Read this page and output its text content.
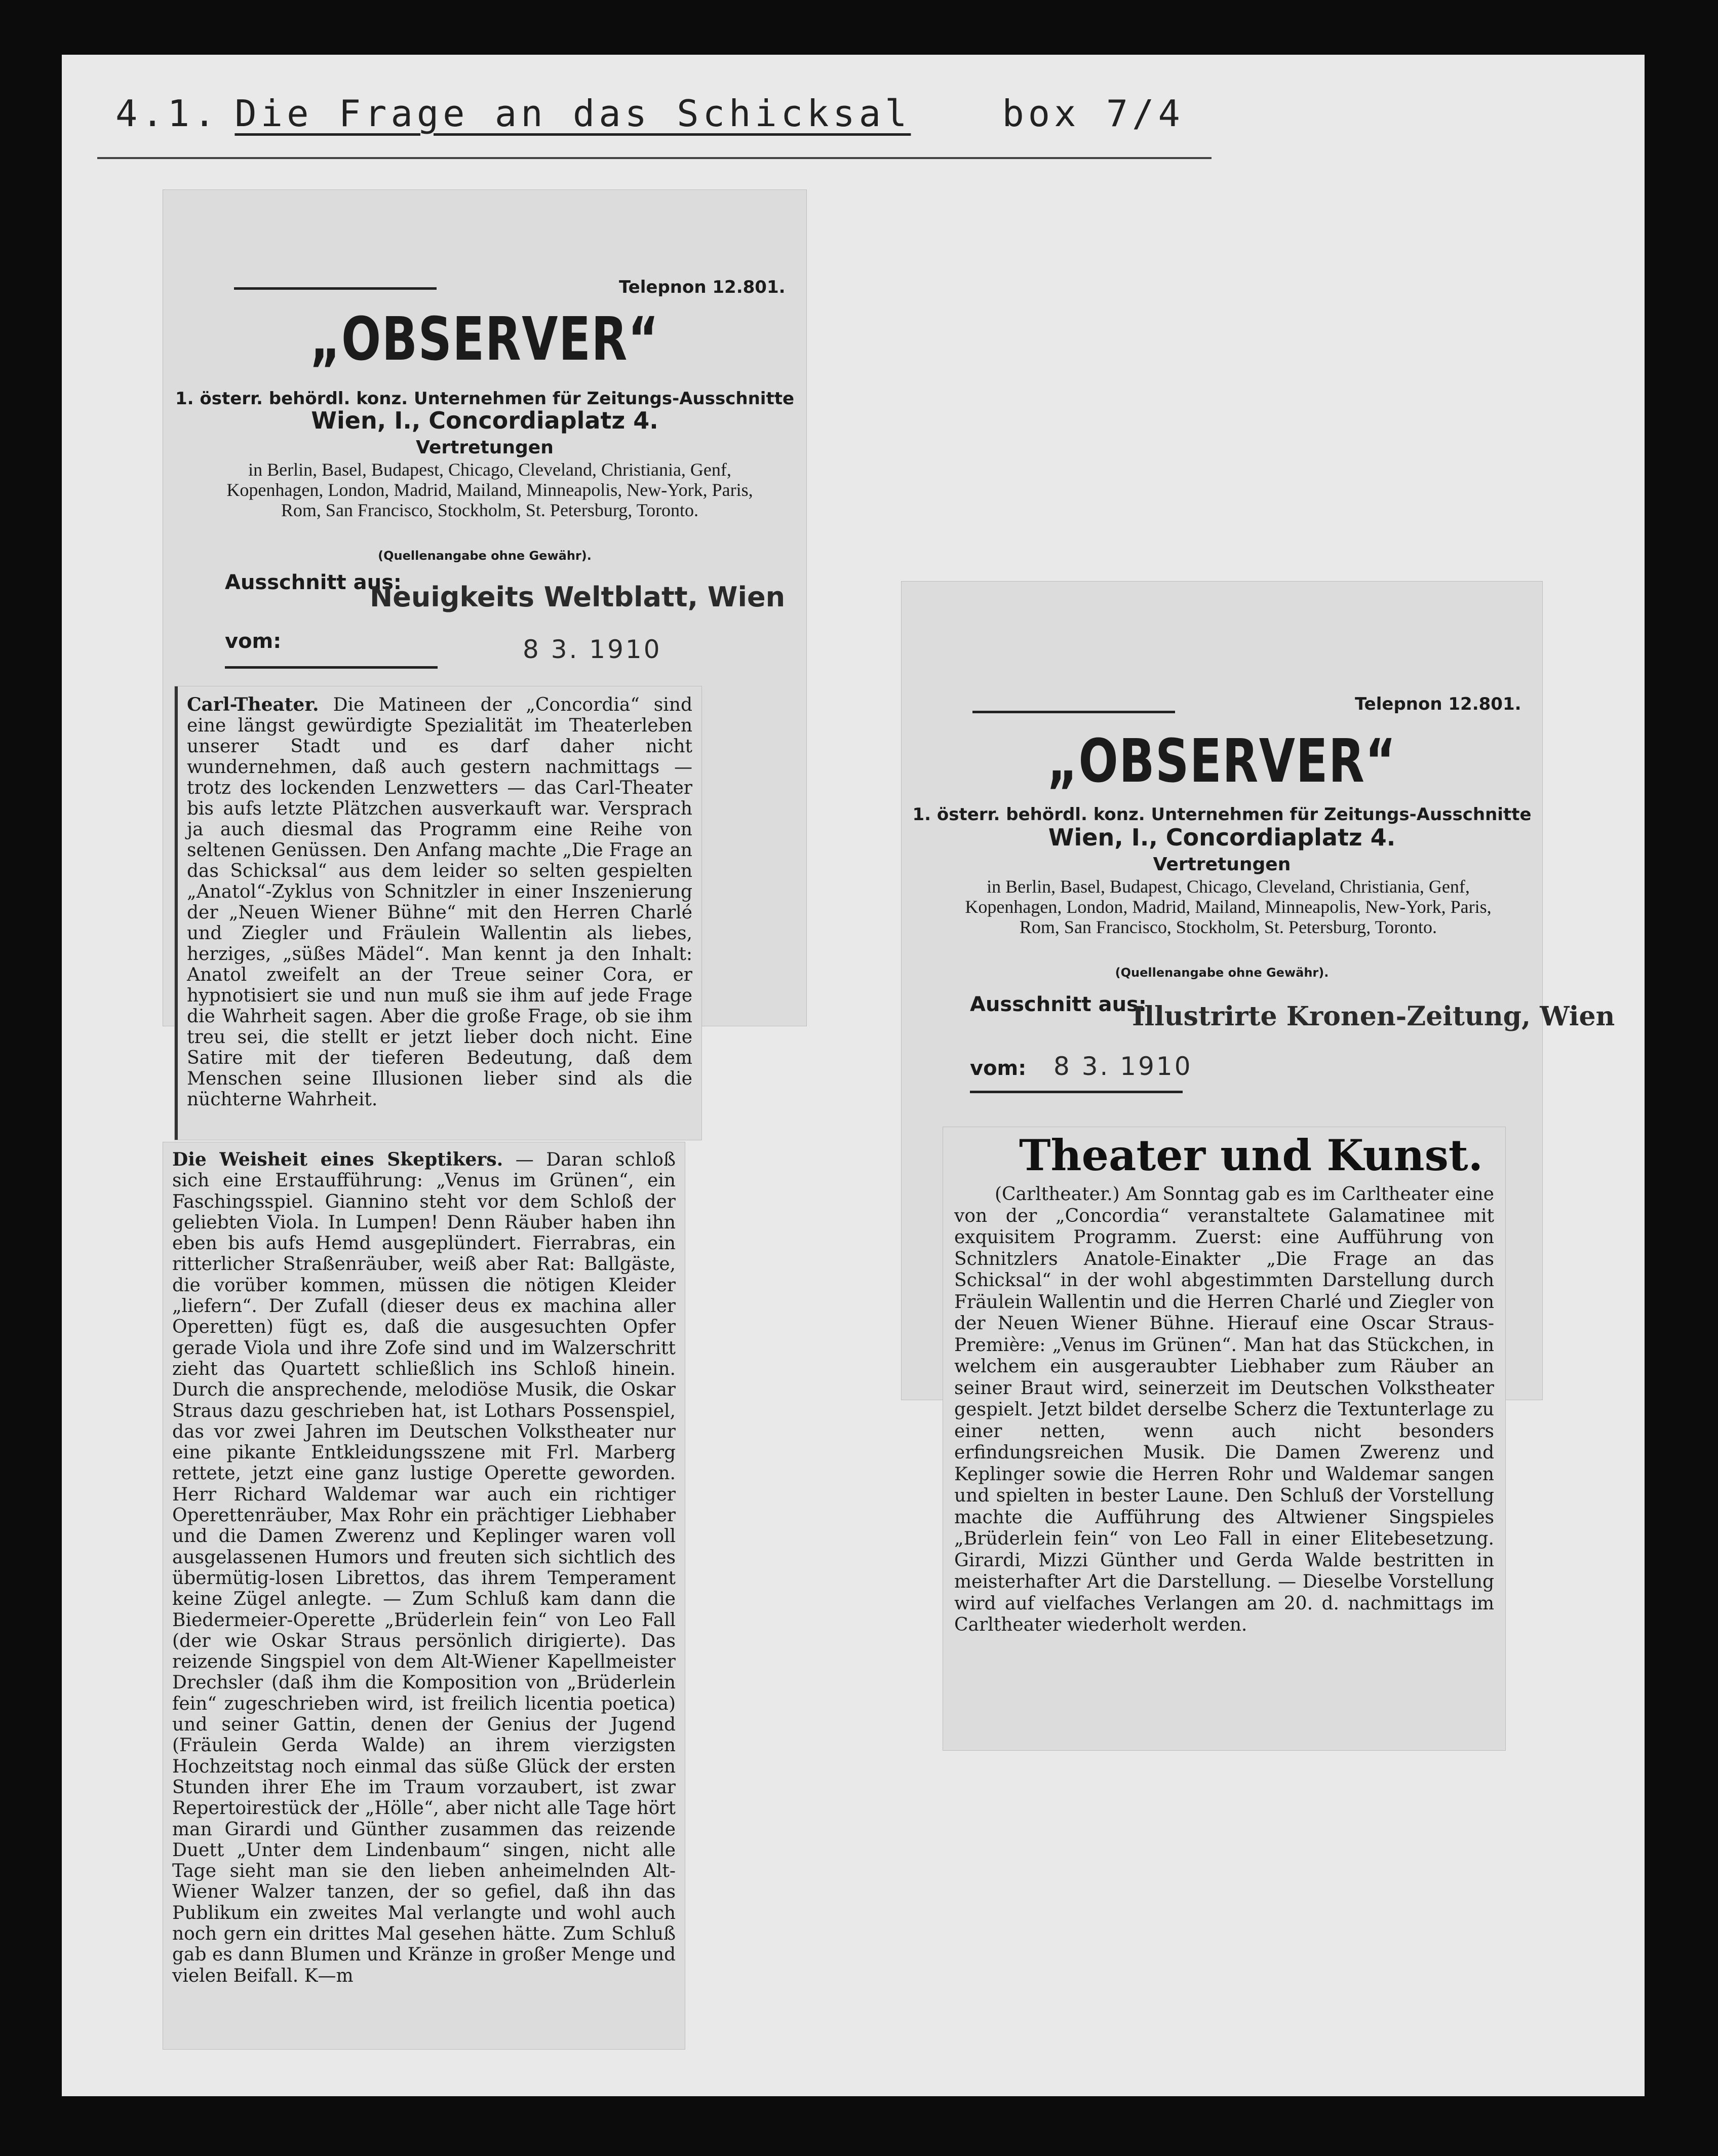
4.1. Die Frage an das Schicksal	box 7/4
Telepnon 12.801.
„OBSERVER“
1. österr. behördl. konz. Unternehmen für Zeitungs-Ausschnitte
Wien, I., Concordiaplatz 4.
Vertretungen
in Berlin, Basel, Budapest, Chicago, Cleveland, Christiania, Genf, Kopenhagen, London, Madrid, Mailand, Minneapolis, New-York, Paris, Rom, San Francisco, Stockholm, St. Petersburg, Toronto.
(Quellenangabe ohne Gewähr).
Ausschnitt aus:
Neuigkeits Weltblatt, Wien
vom:	8 3. 1910

Carl-Theater. Die Matineen der „Concordia“ sind eine längst gewürdigte Spezialität im Theaterleben unserer Stadt und es darf daher nicht wundernehmen, daß auch gestern nachmittags — trotz des lockenden Lenzwetters — das Carl-Theater bis aufs letzte Plätzchen ausverkauft war. Versprach ja auch diesmal das Programm eine Reihe von seltenen Genüssen. Den Anfang machte „Die Frage an das Schicksal“ aus dem leider so selten gespielten „Anatol“-Zyklus von Schnitzler in einer Inszenierung der „Neuen Wiener Bühne“ mit den Herren Charlé und Ziegler und Fräulein Wallentin als liebes, herziges, „süßes Mädel“. Man kennt ja den Inhalt: Anatol zweifelt an der Treue seiner Cora, er hypnotisiert sie und nun muß sie ihm auf jede Frage die Wahrheit sagen. Aber die große Frage, ob sie ihm treu sei, die stellt er jetzt lieber doch nicht. Eine Satire mit der tieferen Bedeutung, daß dem Menschen seine Illusionen lieber sind als die nüchterne Wahrheit.

Die Weisheit eines Skeptikers. — Daran schloß sich eine Erstaufführung: „Venus im Grünen“, ein Faschingsspiel. Giannino steht vor dem Schloß der geliebten Viola. In Lumpen! Denn Räuber haben ihn eben bis aufs Hemd ausgeplündert. Fierrabras, ein ritterlicher Straßenräuber, weiß aber Rat: Ballgäste, die vorüber kommen, müssen die nötigen Kleider „liefern“. Der Zufall (dieser deus ex machina aller Operetten) fügt es, daß die ausgesuchten Opfer gerade Viola und ihre Zofe sind und im Walzerschritt zieht das Quartett schließlich ins Schloß hinein. Durch die ansprechende, melodiöse Musik, die Oskar Straus dazu geschrieben hat, ist Lothars Possenspiel, das vor zwei Jahren im Deutschen Volkstheater nur eine pikante Entkleidungsszene mit Frl. Marberg rettete, jetzt eine ganz lustige Operette geworden. Herr Richard Waldemar war auch ein richtiger Operettenräuber, Max Rohr ein prächtiger Liebhaber und die Damen Zwerenz und Keplinger waren voll ausgelassenen Humors und freuten sich sichtlich des übermütig-losen Librettos, das ihrem Temperament keine Zügel anlegte. — Zum Schluß kam dann die Biedermeier-Operette „Brüderlein fein“ von Leo Fall (der wie Oskar Straus persönlich dirigierte). Das reizende Singspiel von dem Alt-Wiener Kapellmeister Drechsler (daß ihm die Komposition von „Brüderlein fein“ zugeschrieben wird, ist freilich licentia poetica) und seiner Gattin, denen der Genius der Jugend (Fräulein Gerda Walde) an ihrem vierzigsten Hochzeitstag noch einmal das süße Glück der ersten Stunden ihrer Ehe im Traum vorzaubert, ist zwar Repertoirestück der „Hölle“, aber nicht alle Tage hört man Girardi und Günther zusammen das reizende Duett „Unter dem Lindenbaum“ singen, nicht alle Tage sieht man sie den lieben anheimelnden Alt-Wiener Walzer tanzen, der so gefiel, daß ihn das Publikum ein zweites Mal verlangte und wohl auch noch gern ein drittes Mal gesehen hätte. Zum Schluß gab es dann Blumen und Kränze in großer Menge und vielen Beifall. K—m

Telepnon 12.801.
„OBSERVER“
1. österr. behördl. konz. Unternehmen für Zeitungs-Ausschnitte
Wien, I., Concordiaplatz 4.
Vertretungen
in Berlin, Basel, Budapest, Chicago, Cleveland, Christiania, Genf, Kopenhagen, London, Madrid, Mailand, Minneapolis, New-York, Paris, Rom, San Francisco, Stockholm, St. Petersburg, Toronto.
(Quellenangabe ohne Gewähr).
Ausschnitt aus:
Illustrirte Kronen-Zeitung, Wien
vom: 8 3. 1910
Theater und Kunst.
(Carltheater.) Am Sonntag gab es im Carltheater eine von der „Concordia“ veranstaltete Galamatinee mit exquisitem Programm. Zuerst: eine Aufführung von Schnitzlers Anatole-Einakter „Die Frage an das Schicksal“ in der wohl abgestimmten Darstellung durch Fräulein Wallentin und die Herren Charlé und Ziegler von der Neuen Wiener Bühne. Hierauf eine Oscar Straus-Première: „Venus im Grünen“. Man hat das Stückchen, in welchem ein ausgeraubter Liebhaber zum Räuber an seiner Braut wird, seinerzeit im Deutschen Volkstheater gespielt. Jetzt bildet derselbe Scherz die Textunterlage zu einer netten, wenn auch nicht besonders erfindungsreichen Musik. Die Damen Zwerenz und Keplinger sowie die Herren Rohr und Waldemar sangen und spielten in bester Laune. Den Schluß der Vorstellung machte die Aufführung des Altwiener Singspieles „Brüderlein fein“ von Leo Fall in einer Elitebesetzung. Girardi, Mizzi Günther und Gerda Walde bestritten in meisterhafter Art die Darstellung. — Dieselbe Vorstellung wird auf vielfaches Verlangen am 20. d. nachmittags im Carltheater wiederholt werden.
